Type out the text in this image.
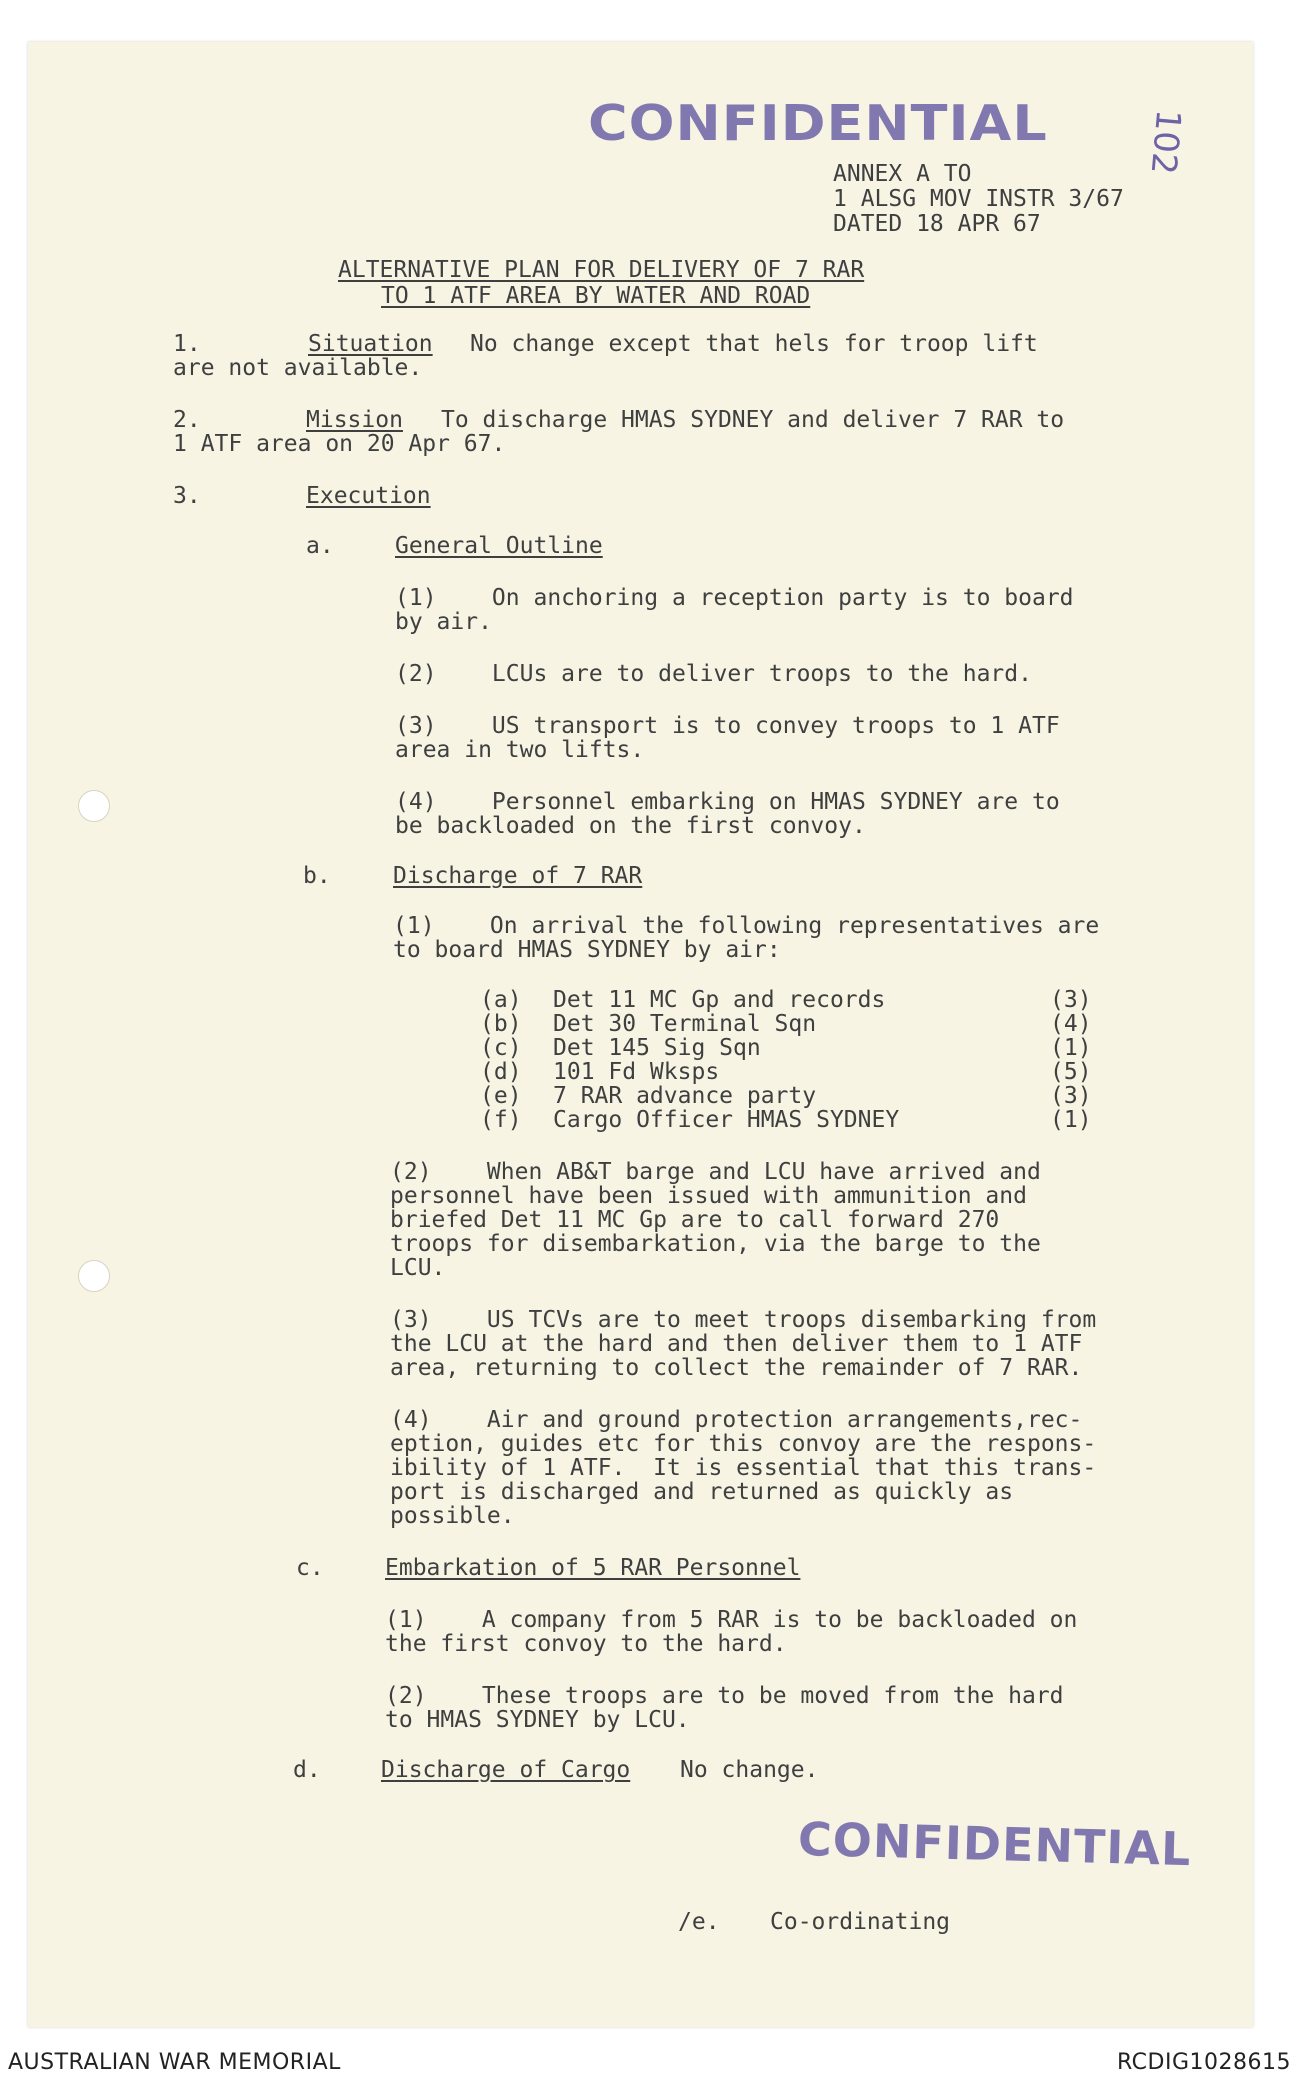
CONFIDENTIAL	102
ANNEX A TO
1 ALSG MOV INSTR 3/67
DATED 18 APR 67
ALTERNATIVE PLAN FOR DELIVERY OF 7 RAR
TO 1 ATF AREA BY WATER AND ROAD
1.	Situation No change except that hels for troop lift
are not available.
2.	Mission To discharge HMAS SYDNEY and deliver 7 RAR to
1 ATF area on 20 Apr 67.
3.	Execution
a.	General Outline
(1)    On anchoring a reception party is to board
by air.
(2)    LCUs are to deliver troops to the hard.
(3)    US transport is to convey troops to 1 ATF
area in two lifts.
(4)    Personnel embarking on HMAS SYDNEY are to
be backloaded on the first convoy.
b.	Discharge of 7 RAR
(1)    On arrival the following representatives are
to board HMAS SYDNEY by air:
(a) Det 11 MC Gp and records	(3)
(b) Det 30 Terminal Sqn	(4)
(c) Det 145 Sig Sqn	(1)
(d) 101 Fd Wksps	(5)
(e) 7 RAR advance party	(3)
(f) Cargo Officer HMAS SYDNEY	(1)
(2)    When AB&T barge and LCU have arrived and
personnel have been issued with ammunition and
briefed Det 11 MC Gp are to call forward 270
troops for disembarkation, via the barge to the
LCU.
(3)    US TCVs are to meet troops disembarking from
the LCU at the hard and then deliver them to 1 ATF
area, returning to collect the remainder of 7 RAR.
(4)    Air and ground protection arrangements,rec-
eption, guides etc for this convoy are the respons-
ibility of 1 ATF.  It is essential that this trans-
port is discharged and returned as quickly as
possible.
c.	Embarkation of 5 RAR Personnel
(1)    A company from 5 RAR is to be backloaded on
the first convoy to the hard.
(2)    These troops are to be moved from the hard
to HMAS SYDNEY by LCU.
d.	Discharge of Cargo No change.
CONFIDENTIAL
/e. Co-ordinating
AUSTRALIAN WAR MEMORIAL	RCDIG1028615
